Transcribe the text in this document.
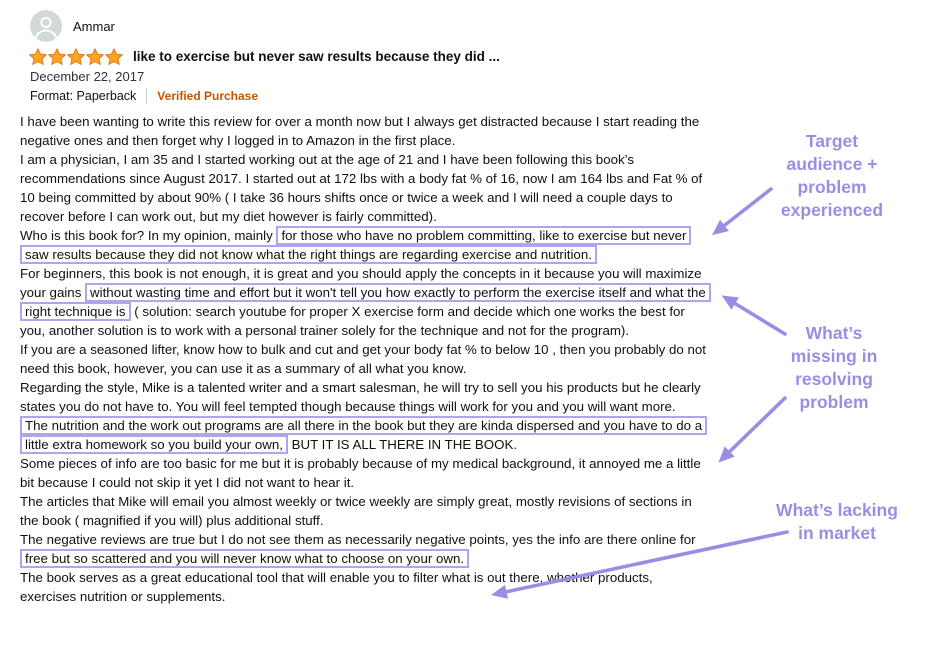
Ammar
like to exercise but never saw results because they did ...
December 22, 2017
Format: Paperback Verified Purchase

I have been wanting to write this review for over a month now but I always get distracted because I start reading the negative ones and then forget why I logged in to Amazon in the first place.

I am a physician, I am 35 and I started working out at the age of 21 and I have been following this book’s recommendations since August 2017. I started out at 172 lbs with a body fat % of 16, now I am 164 lbs and Fat % of 10 being committed by about 90% ( I take 36 hours shifts once or twice a week and I will need a couple days to recover before I can work out, but my diet however is fairly committed).

Who is this book for? In my opinion, mainly for those who have no problem committing, like to exercise but never saw results because they did not know what the right things are regarding exercise and nutrition.

For beginners, this book is not enough, it is great and you should apply the concepts in it because you will maximize your gains without wasting time and effort but it won't tell you how exactly to perform the exercise itself and what the right technique is ( solution: search youtube for proper X exercise form and decide which one works the best for you, another solution is to work with a personal trainer solely for the technique and not for the program).

If you are a seasoned lifter, know how to bulk and cut and get your body fat % to below 10 , then you probably do not need this book, however, you can use it as a summary of all what you know.

Regarding the style, Mike is a talented writer and a smart salesman, he will try to sell you his products but he clearly states you do not have to. You will feel tempted though because things will work for you and you will want more.

The nutrition and the work out programs are all there in the book but they are kinda dispersed and you have to do a little extra homework so you build your own, BUT IT IS ALL THERE IN THE BOOK.

Some pieces of info are too basic for me but it is probably because of my medical background, it annoyed me a little bit because I could not skip it yet I did not want to hear it.

The articles that Mike will email you almost weekly or twice weekly are simply great, mostly revisions of sections in the book ( magnified if you will) plus additional stuff.

The negative reviews are true but I do not see them as necessarily negative points, yes the info are there online for free but so scattered and you will never know what to choose on your own.

The book serves as a great educational tool that will enable you to filter what is out there, whether products, exercises nutrition or supplements.

Target audience + problem experienced
What’s missing in resolving problem
What’s lacking in market
